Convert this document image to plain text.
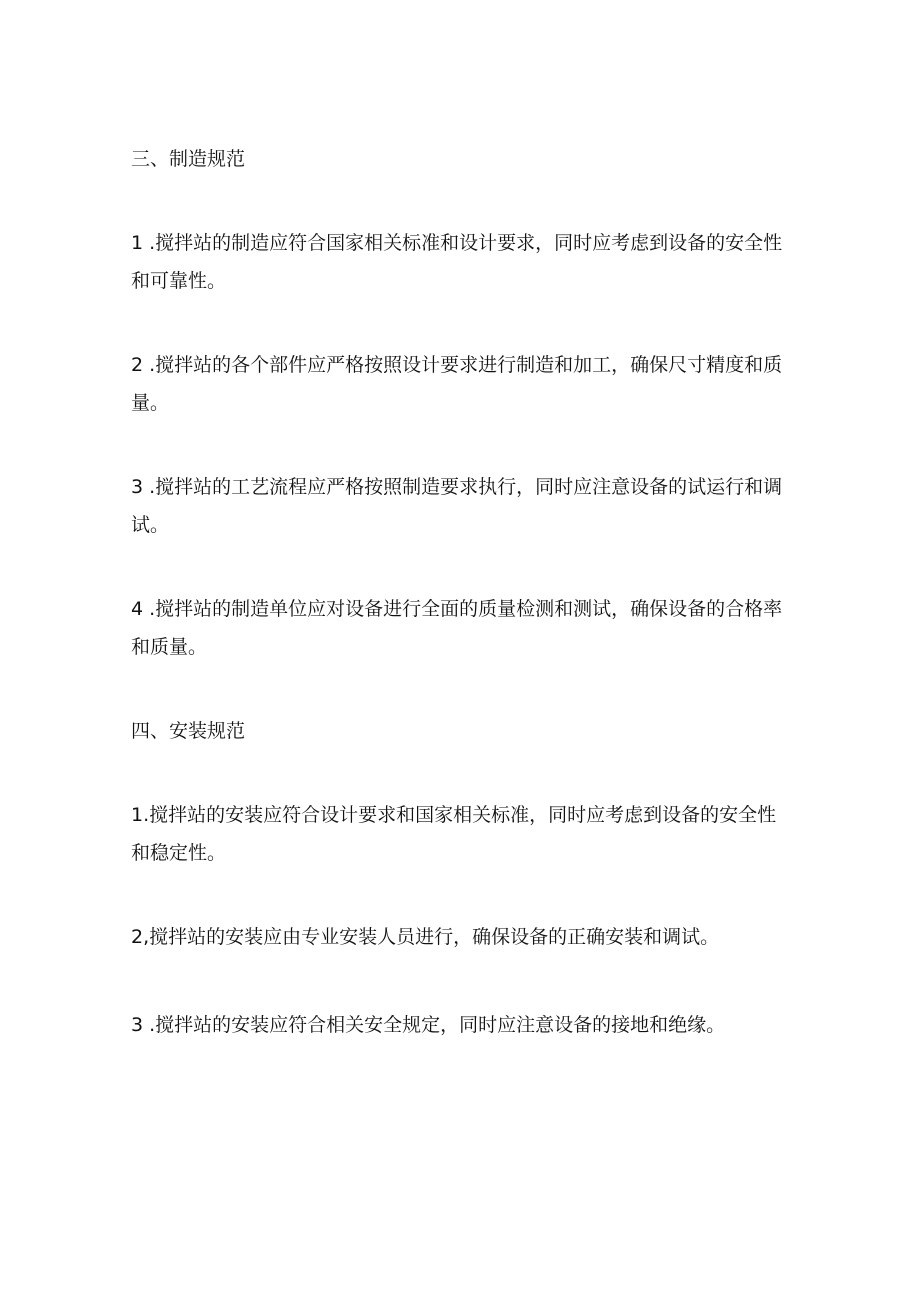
三、制造规范

1 .搅拌站的制造应符合国家相关标准和设计要求，同时应考虑到设备的安全性和可靠性。

2 .搅拌站的各个部件应严格按照设计要求进行制造和加工，确保尺寸精度和质量。

3 .搅拌站的工艺流程应严格按照制造要求执行，同时应注意设备的试运行和调试。

4 .搅拌站的制造单位应对设备进行全面的质量检测和测试，确保设备的合格率和质量。

四、安装规范

1.搅拌站的安装应符合设计要求和国家相关标准，同时应考虑到设备的安全性和稳定性。

2,搅拌站的安装应由专业安装人员进行，确保设备的正确安装和调试。

3 .搅拌站的安装应符合相关安全规定，同时应注意设备的接地和绝缘。
